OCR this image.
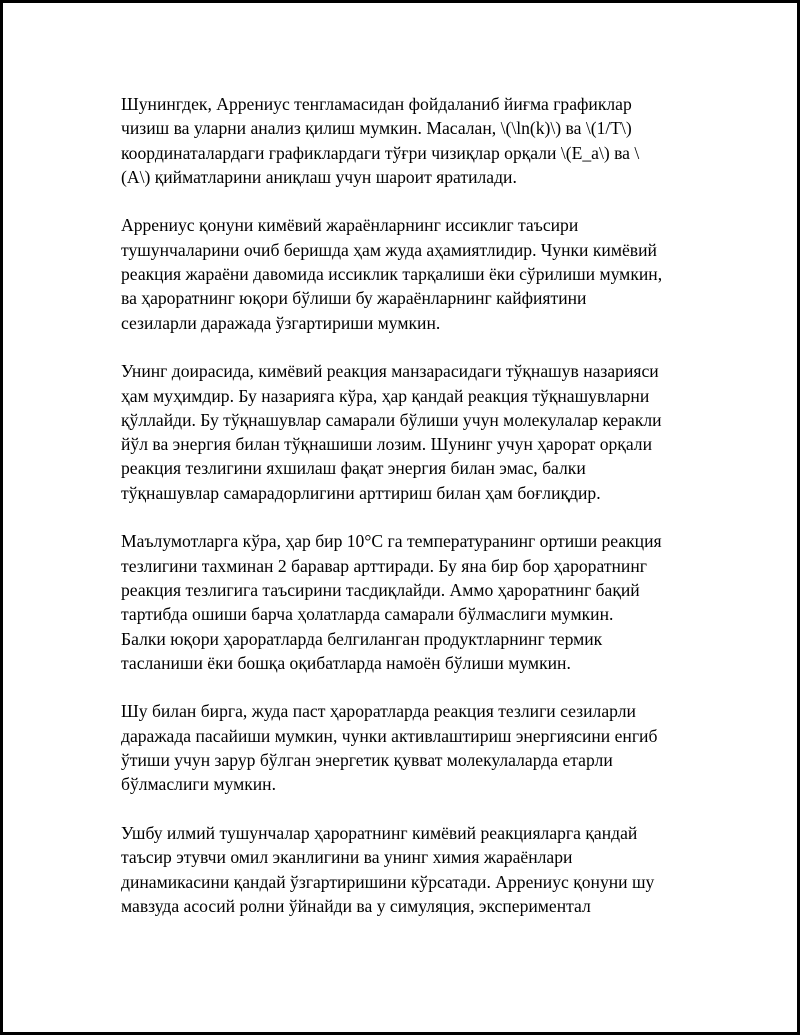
Шунингдек, Аррениус тенгламасидан фойдаланиб йиғма графиклар
чизиш ва уларни анализ қилиш мумкин. Масалан, \(\ln(k)\) ва \(1/T\)
координаталардаги графиклардаги тўғри чизиқлар орқали \(E_a\) ва \
(A\) қийматларини аниқлаш учун шароит яратилади.

Аррениус қонуни кимёвий жараёнларнинг иссиклиг таъсири
тушунчаларини очиб беришда ҳам жуда аҳамиятлидир. Чунки кимёвий
реакция жараёни давомида иссиклик тарқалиши ёки сўрилиши мумкин,
ва ҳароратнинг юқори бўлиши бу жараёнларнинг кайфиятини
сезиларли даражада ўзгартириши мумкин.

Унинг доирасида, кимёвий реакция манзарасидаги тўқнашув назарияси
ҳам муҳимдир. Бу назарияга кўра, ҳар қандай реакция тўқнашувларни
қўллайди. Бу тўқнашувлар самарали бўлиши учун молекулалар керакли
йўл ва энергия билан тўқнашиши лозим. Шунинг учун ҳарорат орқали
реакция тезлигини яхшилаш фақат энергия билан эмас, балки
тўқнашувлар самарадорлигини арттириш билан ҳам боғлиқдир.

Маълумотларга кўра, ҳар бир 10°C га температуранинг ортиши реакция
тезлигини тахминан 2 баравар арттиради. Бу яна бир бор ҳароратнинг
реакция тезлигига таъсирини тасдиқлайди. Аммо ҳароратнинг бақий
тартибда ошиши барча ҳолатларда самарали бўлмаслиги мумкин.
Балки юқори ҳароратларда белгиланган продуктларнинг термик
тасланиши ёки бошқа оқибатларда намоён бўлиши мумкин.

Шу билан бирга, жуда паст ҳароратларда реакция тезлиги сезиларли
даражада пасайиши мумкин, чунки активлаштириш энергиясини енгиб
ўтиши учун зарур бўлган энергетик қувват молекулаларда етарли
бўлмаслиги мумкин.

Ушбу илмий тушунчалар ҳароратнинг кимёвий реакцияларга қандай
таъсир этувчи омил эканлигини ва унинг химия жараёнлари
динамикасини қандай ўзгартиришини кўрсатади. Аррениус қонуни шу
мавзуда асосий ролни ўйнайди ва у симуляция, экспериментал
